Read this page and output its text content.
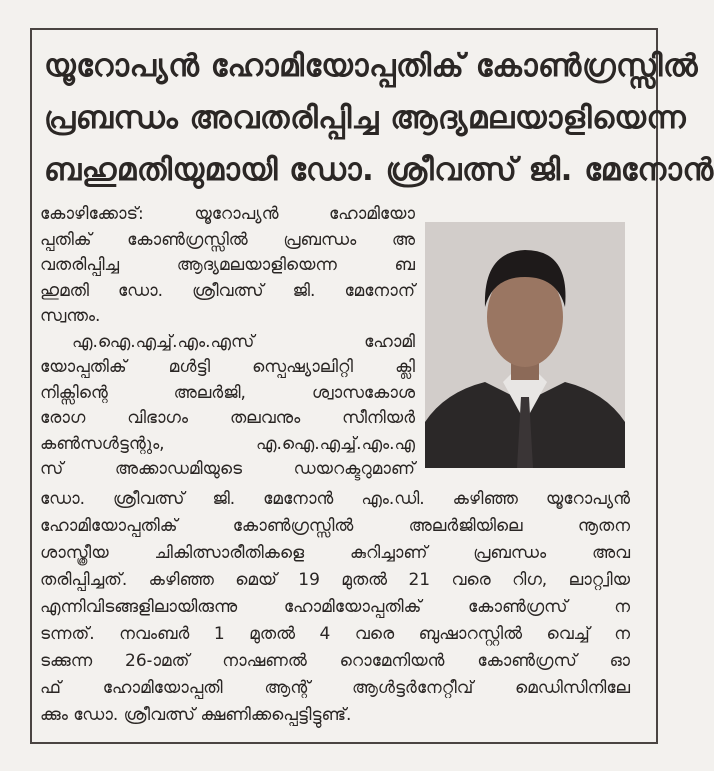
യൂറോപ്യൻ ഹോമിയോപ്പതിക് കോൺഗ്രസ്സിൽ
പ്രബന്ധം അവതരിപ്പിച്ച ആദ്യമലയാളിയെന്ന
ബഹുമതിയുമായി ഡോ. ശ്രീവത്സ് ജി. മേനോൻ
കോഴിക്കോട്: യൂറോപ്യൻ ഹോമിയോ
പ്പതിക് കോൺഗ്രസ്സിൽ പ്രബന്ധം അ
വതരിപ്പിച്ച ആദ്യമലയാളിയെന്ന ബ
ഹുമതി ഡോ. ശ്രീവത്സ് ജി. മേനോന്
സ്വന്തം.
എ.ഐ.എച്ച്.എം.എസ് ഹോമി
യോപ്പതിക് മൾട്ടി സ്പെഷ്യാലിറ്റി ക്ലി
നിക്സിന്റെ അലർജി, ശ്വാസകോശ
രോഗ വിഭാഗം തലവനും സീനിയർ
കൺസൾട്ടന്റും, എ.ഐ.എച്ച്.എം.എ
സ് അക്കാഡമിയുടെ ഡയറക്ടറുമാണ്
ഡോ. ശ്രീവത്സ് ജി. മേനോൻ എം.ഡി. കഴിഞ്ഞ യൂറോപ്യൻ
ഹോമിയോപ്പതിക് കോൺഗ്രസ്സിൽ അലർജിയിലെ നൂതന
ശാസ്ത്രീയ ചികിത്സാരീതികളെ കുറിച്ചാണ് പ്രബന്ധം അവ
തരിപ്പിച്ചത്. കഴിഞ്ഞ മെയ് 19 മുതൽ 21 വരെ റിഗ, ലാറ്റ്വിയ
എന്നിവിടങ്ങളിലായിരുന്നു ഹോമിയോപ്പതിക് കോൺഗ്രസ് ന
ടന്നത്. നവംബർ 1 മുതൽ 4 വരെ ബുഷാറസ്റ്റിൽ വെച്ച് ന
ടക്കുന്ന 26-ാമത് നാഷണൽ റൊമേനിയൻ കോൺഗ്രസ് ഓ
ഫ് ഹോമിയോപ്പതി ആന്റ് ആൾട്ടർനേറ്റീവ് മെഡിസിനിലേ
ക്കും ഡോ. ശ്രീവത്സ് ക്ഷണിക്കപ്പെട്ടിട്ടുണ്ട്.
